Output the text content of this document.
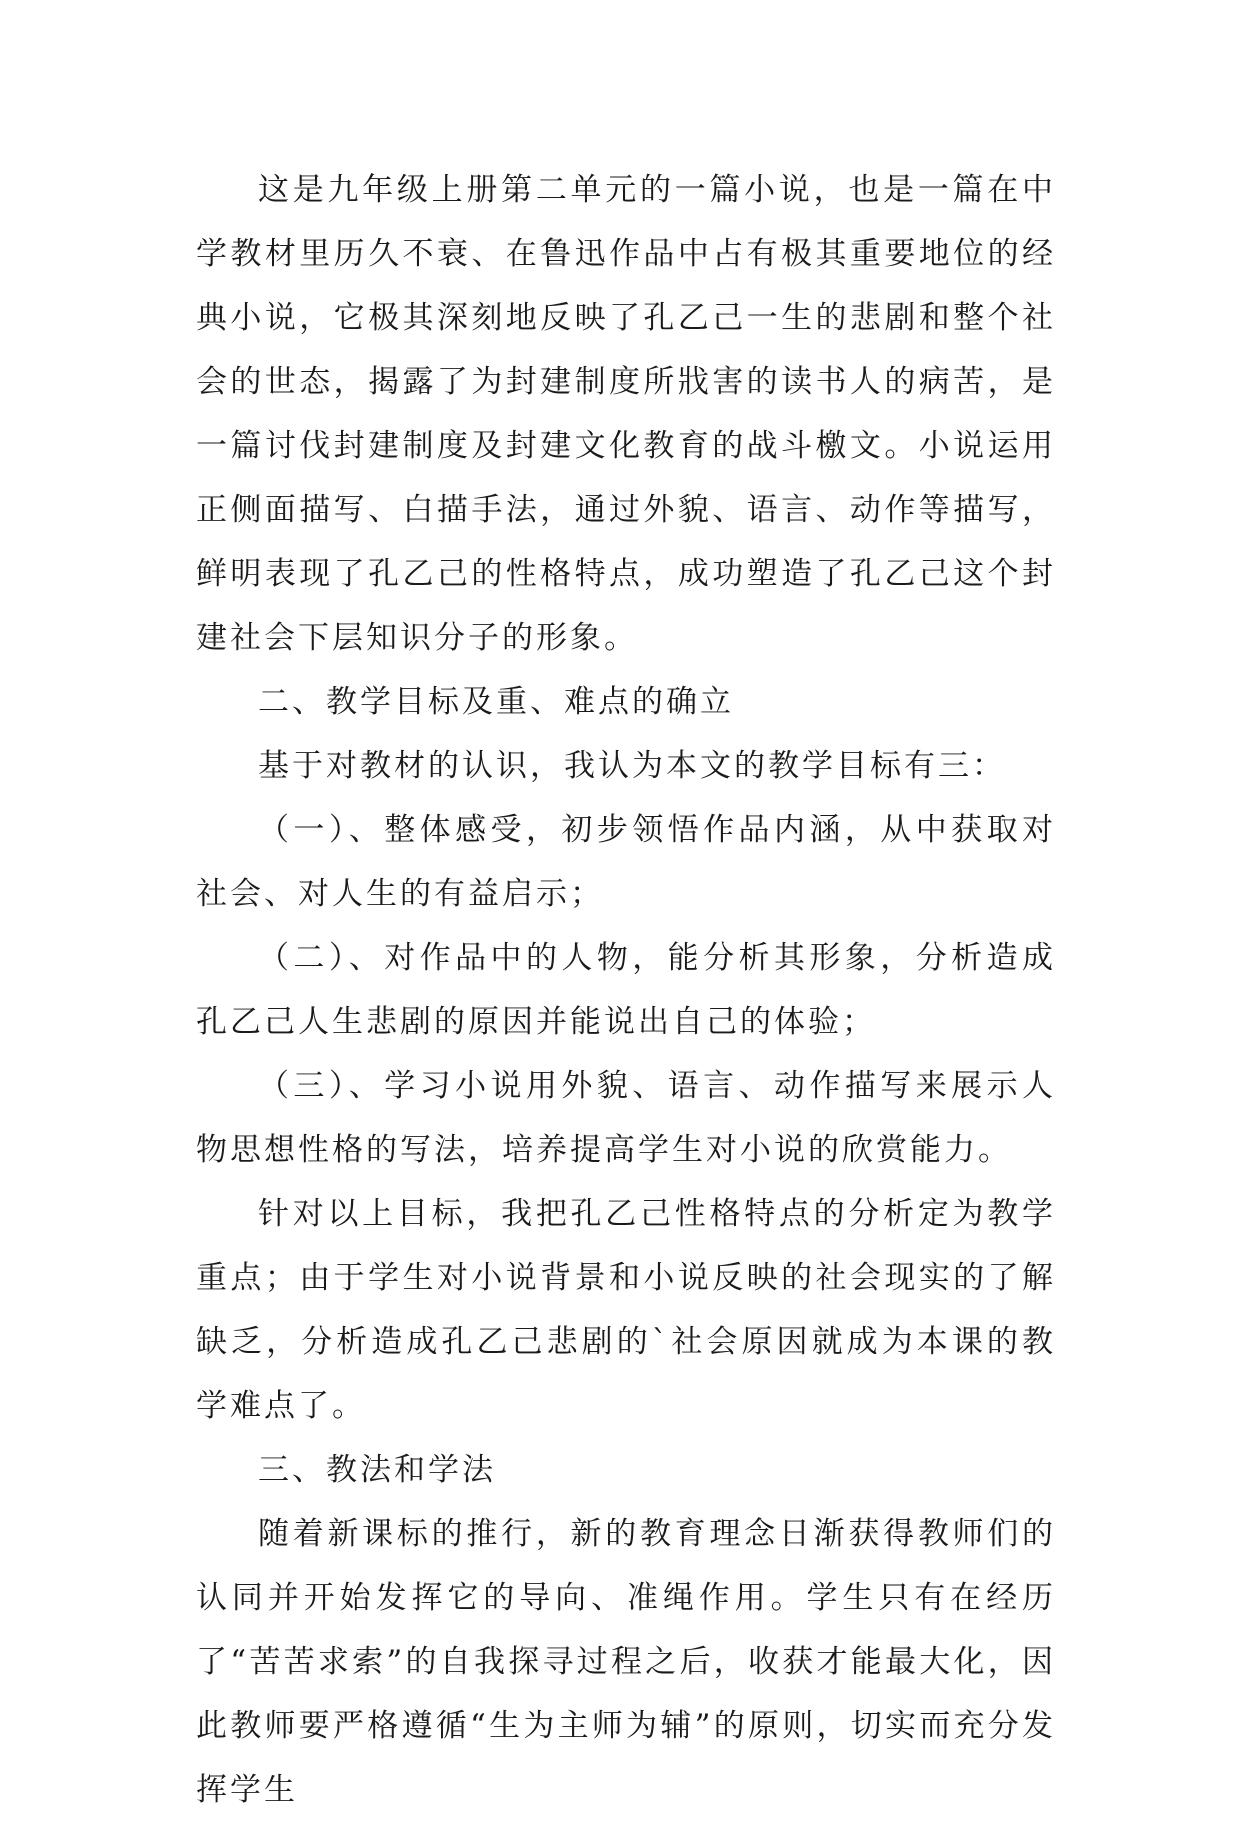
这是九年级上册第二单元的一篇小说，也是一篇在中学教材里历久不衰、在鲁迅作品中占有极其重要地位的经典小说，它极其深刻地反映了孔乙己一生的悲剧和整个社会的世态，揭露了为封建制度所戕害的读书人的病苦，是一篇讨伐封建制度及封建文化教育的战斗檄文。小说运用正侧面描写、白描手法，通过外貌、语言、动作等描写，鲜明表现了孔乙己的性格特点，成功塑造了孔乙己这个封建社会下层知识分子的形象。

二、教学目标及重、难点的确立

基于对教材的认识，我认为本文的教学目标有三：

（一）、整体感受，初步领悟作品内涵，从中获取对社会、对人生的有益启示；

（二）、对作品中的人物，能分析其形象，分析造成孔乙己人生悲剧的原因并能说出自己的体验；

（三）、学习小说用外貌、语言、动作描写来展示人物思想性格的写法，培养提高学生对小说的欣赏能力。

针对以上目标，我把孔乙己性格特点的分析定为教学重点；由于学生对小说背景和小说反映的社会现实的了解缺乏，分析造成孔乙己悲剧的`社会原因就成为本课的教学难点了。

三、教法和学法

随着新课标的推行，新的教育理念日渐获得教师们的认同并开始发挥它的导向、准绳作用。学生只有在经历了“苦苦求索”的自我探寻过程之后，收获才能最大化，因此教师要严格遵循“生为主师为辅”的原则，切实而充分发挥学生
